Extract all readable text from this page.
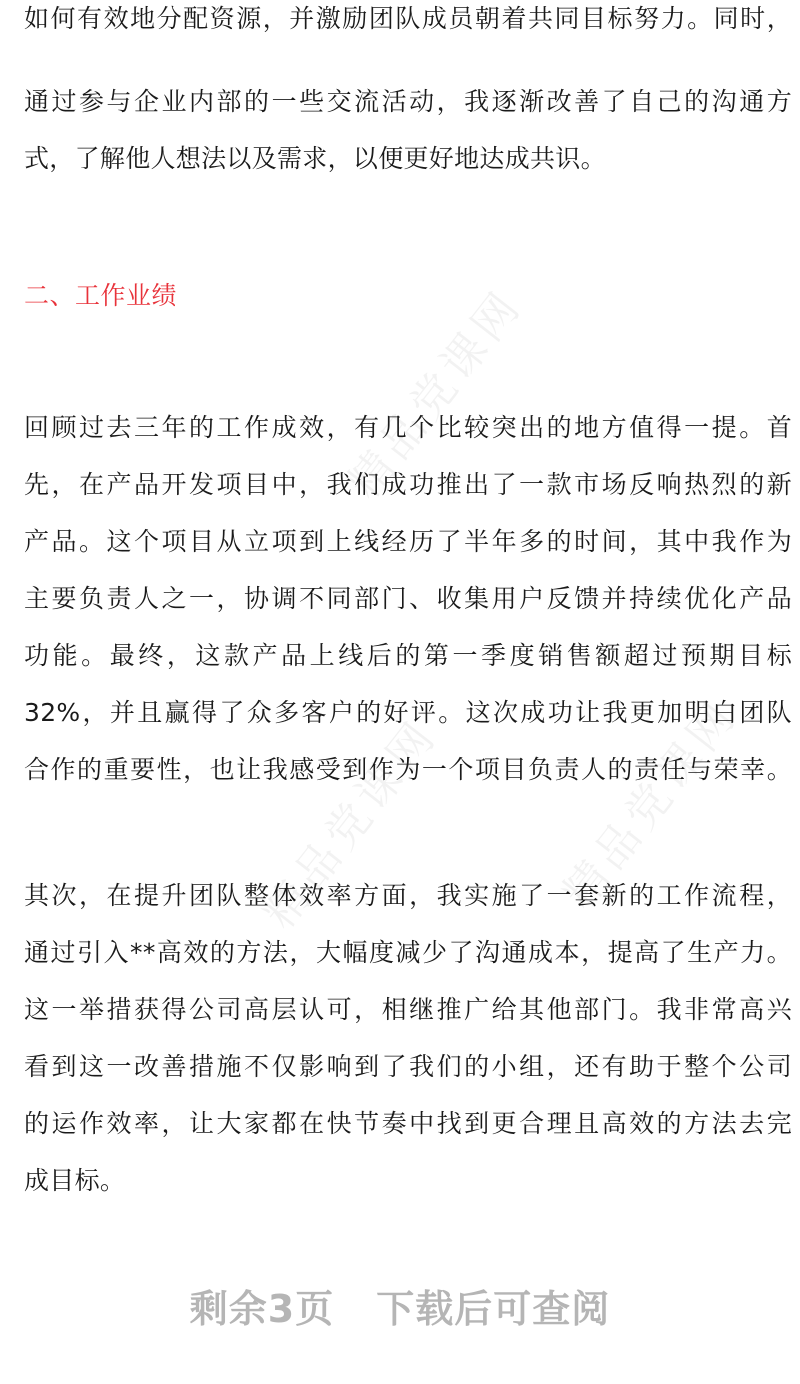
精品党课网 精品党课网
精品党课网
如何有效地分配资源，并激励团队成员朝着共同目标努力。同时，
通过参与企业内部的一些交流活动，我逐渐改善了自己的沟通方
式，了解他人想法以及需求，以便更好地达成共识。
二、工作业绩
回顾过去三年的工作成效，有几个比较突出的地方值得一提。首
先，在产品开发项目中，我们成功推出了一款市场反响热烈的新
产品。这个项目从立项到上线经历了半年多的时间，其中我作为
主要负责人之一，协调不同部门、收集用户反馈并持续优化产品
功能。最终，这款产品上线后的第一季度销售额超过预期目标
32%，并且赢得了众多客户的好评。这次成功让我更加明白团队
合作的重要性，也让我感受到作为一个项目负责人的责任与荣幸。
其次，在提升团队整体效率方面，我实施了一套新的工作流程，
通过引入**高效的方法，大幅度减少了沟通成本，提高了生产力。
这一举措获得公司高层认可，相继推广给其他部门。我非常高兴
看到这一改善措施不仅影响到了我们的小组，还有助于整个公司
的运作效率，让大家都在快节奏中找到更合理且高效的方法去完
成目标。
剩余3页 下载后可查阅
